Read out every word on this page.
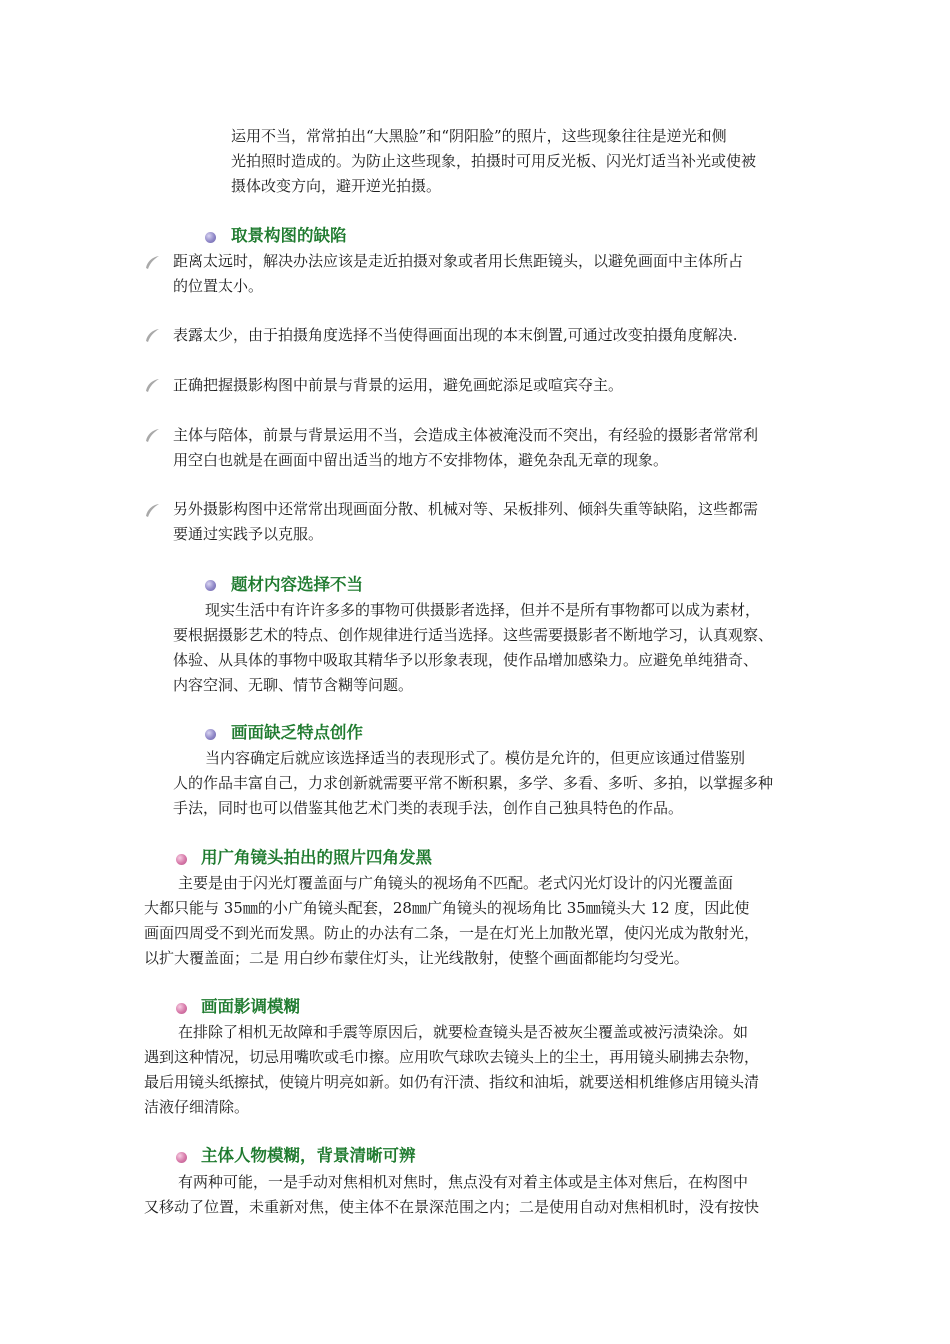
运用不当，常常拍出“大黑脸”和“阴阳脸”的照片，这些现象往往是逆光和侧

光拍照时造成的。为防止这些现象，拍摄时可用反光板、闪光灯适当补光或使被

摄体改变方向，避开逆光拍摄。

取景构图的缺陷
距离太远时，解决办法应该是走近拍摄对象或者用长焦距镜头，以避免画面中主体所占
的位置太小。
表露太少，由于拍摄角度选择不当使得画面出现的本末倒置,可通过改变拍摄角度解决.
正确把握摄影构图中前景与背景的运用，避免画蛇添足或喧宾夺主。
主体与陪体，前景与背景运用不当，会造成主体被淹没而不突出，有经验的摄影者常常利
用空白也就是在画面中留出适当的地方不安排物体，避免杂乱无章的现象。
另外摄影构图中还常常出现画面分散、机械对等、呆板排列、倾斜失重等缺陷，这些都需
要通过实践予以克服。
题材内容选择不当

现实生活中有许许多多的事物可供摄影者选择，但并不是所有事物都可以成为素材，

要根据摄影艺术的特点、创作规律进行适当选择。这些需要摄影者不断地学习，认真观察、

体验、从具体的事物中吸取其精华予以形象表现，使作品增加感染力。应避免单纯猎奇、

内容空洞、无聊、情节含糊等问题。

画面缺乏特点创作

当内容确定后就应该选择适当的表现形式了。模仿是允许的，但更应该通过借鉴别

人的作品丰富自己，力求创新就需要平常不断积累，多学、多看、多听、多拍，以掌握多种

手法，同时也可以借鉴其他艺术门类的表现手法，创作自己独具特色的作品。

用广角镜头拍出的照片四角发黑

主要是由于闪光灯覆盖面与广角镜头的视场角不匹配。老式闪光灯设计的闪光覆盖面

大都只能与 35㎜的小广角镜头配套，28㎜广角镜头的视场角比 35㎜镜头大 12 度，因此使

画面四周受不到光而发黑。防止的办法有二条，一是在灯光上加散光罩，使闪光成为散射光，

以扩大覆盖面；二是 用白纱布蒙住灯头，让光线散射，使整个画面都能均匀受光。

画面影调模糊

在排除了相机无故障和手震等原因后，就要检查镜头是否被灰尘覆盖或被污渍染涂。如

遇到这种情况，切忌用嘴吹或毛巾擦。应用吹气球吹去镜头上的尘土，再用镜头刷拂去杂物，

最后用镜头纸擦拭，使镜片明亮如新。如仍有汗渍、指纹和油垢，就要送相机维修店用镜头清

洁液仔细清除。

主体人物模糊，背景清晰可辨

有两种可能，一是手动对焦相机对焦时，焦点没有对着主体或是主体对焦后，在构图中

又移动了位置，未重新对焦，使主体不在景深范围之内；二是使用自动对焦相机时，没有按快
